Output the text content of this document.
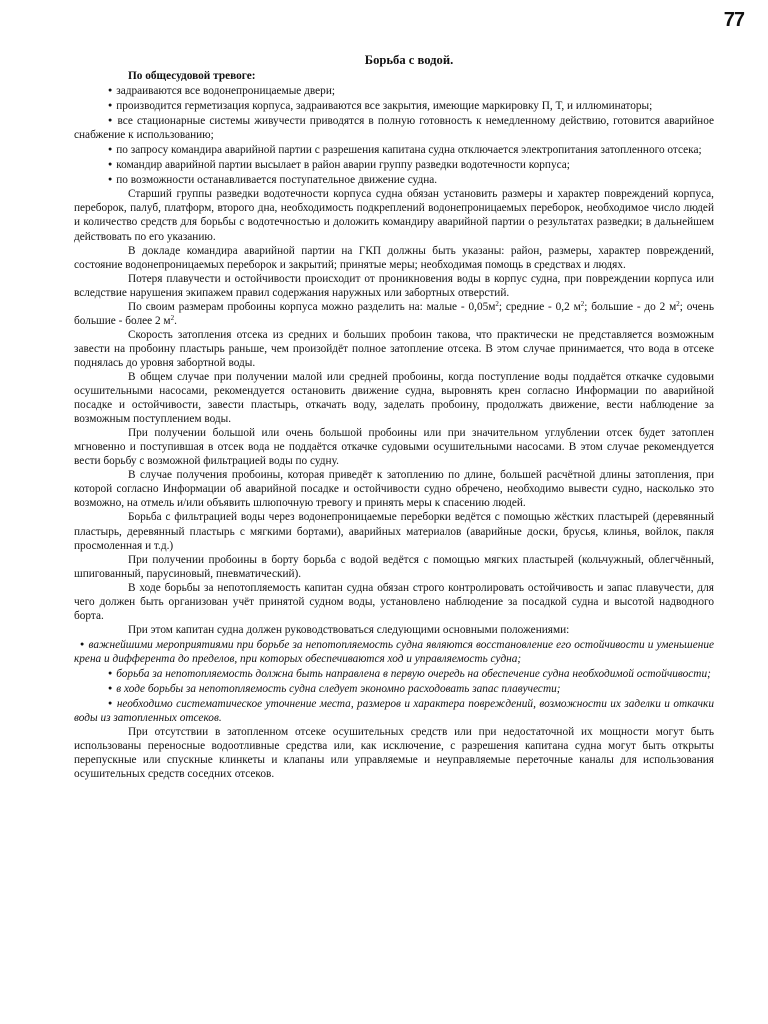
77
Борьба с водой.
По общесудовой тревоге:

● задраиваются все водонепроницаемые двери;

● производится герметизация корпуса, задраиваются все закрытия, имеющие маркировку П, Т, и иллюминаторы;

● все стационарные системы живучести приводятся в полную готовность к немедленному действию, готовится аварийное снабжение к использованию;

● по запросу командира аварийной партии с разрешения капитана судна отключается электропитания затопленного отсека;

● командир аварийной партии высылает в район аварии группу разведки водотечности корпуса;

● по возможности останавливается поступательное движение судна.

Старший группы разведки водотечности корпуса судна обязан установить размеры и характер повреждений корпуса, переборок, палуб, платформ, второго дна, необходимость подкреплений водонепроницаемых переборок, необходимое число людей и количество средств для борьбы с водотечностью и доложить командиру аварийной партии о результатах разведки; в дальнейшем действовать по его указанию.

В докладе командира аварийной партии на ГКП должны быть указаны: район, размеры, характер повреждений, состояние водонепроницаемых переборок и закрытий; принятые меры; необходимая помощь в средствах и людях.

Потеря плавучести и остойчивости происходит от проникновения воды в корпус судна, при повреждении корпуса или вследствие нарушения экипажем правил содержания наружных или забортных отверстий.

По своим размерам пробоины корпуса можно разделить на: малые - $0,05м^2$; средние - 0,2 $м^2$; большие - до 2 $м^2$; очень большие - более 2 $м^2$.

Скорость затопления отсека из средних и больших пробоин такова, что практически не представляется возможным завести на пробоину пластырь раньше, чем произойдёт полное затопление отсека. В этом случае принимается, что вода в отсеке поднялась до уровня забортной воды.

В общем случае при получении малой или средней пробоины, когда поступление воды поддаётся откачке судовыми осушительными насосами, рекомендуется остановить движение судна, выровнять крен согласно Информации по аварийной посадке и остойчивости, завести пластырь, откачать воду, заделать пробоину, продолжать движение, вести наблюдение за возможным поступлением воды.

При получении большой или очень большой пробоины или при значительном углублении отсек будет затоплен мгновенно и поступившая в отсек вода не поддаётся откачке судовыми осушительными насосами. В этом случае рекомендуется вести борьбу с возможной фильтрацией воды по судну.

В случае получения пробоины, которая приведёт к затоплению по длине, большей расчётной длины затопления, при которой согласно Информации об аварийной посадке и остойчивости судно обречено, необходимо вывести судно, насколько это возможно, на отмель и/или объявить шлюпочную тревогу и принять меры к спасению людей.

Борьба с фильтрацией воды через водонепроницаемые переборки ведётся с помощью жёстких пластырей (деревянный пластырь, деревянный пластырь с мягкими бортами), аварийных материалов (аварийные доски, брусья, клинья, войлок, пакля просмоленная и т.д.)

При получении пробоины в борту борьба с водой ведётся с помощью мягких пластырей (кольчужный, облегчённый, шпигованный, парусиновый, пневматический).

В ходе борьбы за непотопляемость капитан судна обязан строго контролировать остойчивость и запас плавучести, для чего должен быть организован учёт принятой судном воды, установлено наблюдение за посадкой судна и высотой надводного борта.

При этом капитан судна должен руководствоваться следующими основными положениями:

● важнейшими мероприятиями при борьбе за непотопляемость судна являются восстановление его остойчивости и уменьшение крена и дифферента до пределов, при которых обеспечиваются ход и управляемость судна;

● борьба за непотопляемость должна быть направлена в первую очередь на обеспечение судна необходимой остойчивости;

● в ходе борьбы за непотопляемость судна следует экономно расходовать запас плавучести;

● необходимо систематическое уточнение места, размеров и характера повреждений, возможности их заделки и откачки воды из затопленных отсеков.

При отсутствии в затопленном отсеке осушительных средств или при недостаточной их мощности могут быть использованы переносные водоотливные средства или, как исключение, с разрешения капитана судна могут быть открыты перепускные или спускные клинкеты и клапаны или управляемые и неуправляемые переточные каналы для использования осушительных средств соседних отсеков.
